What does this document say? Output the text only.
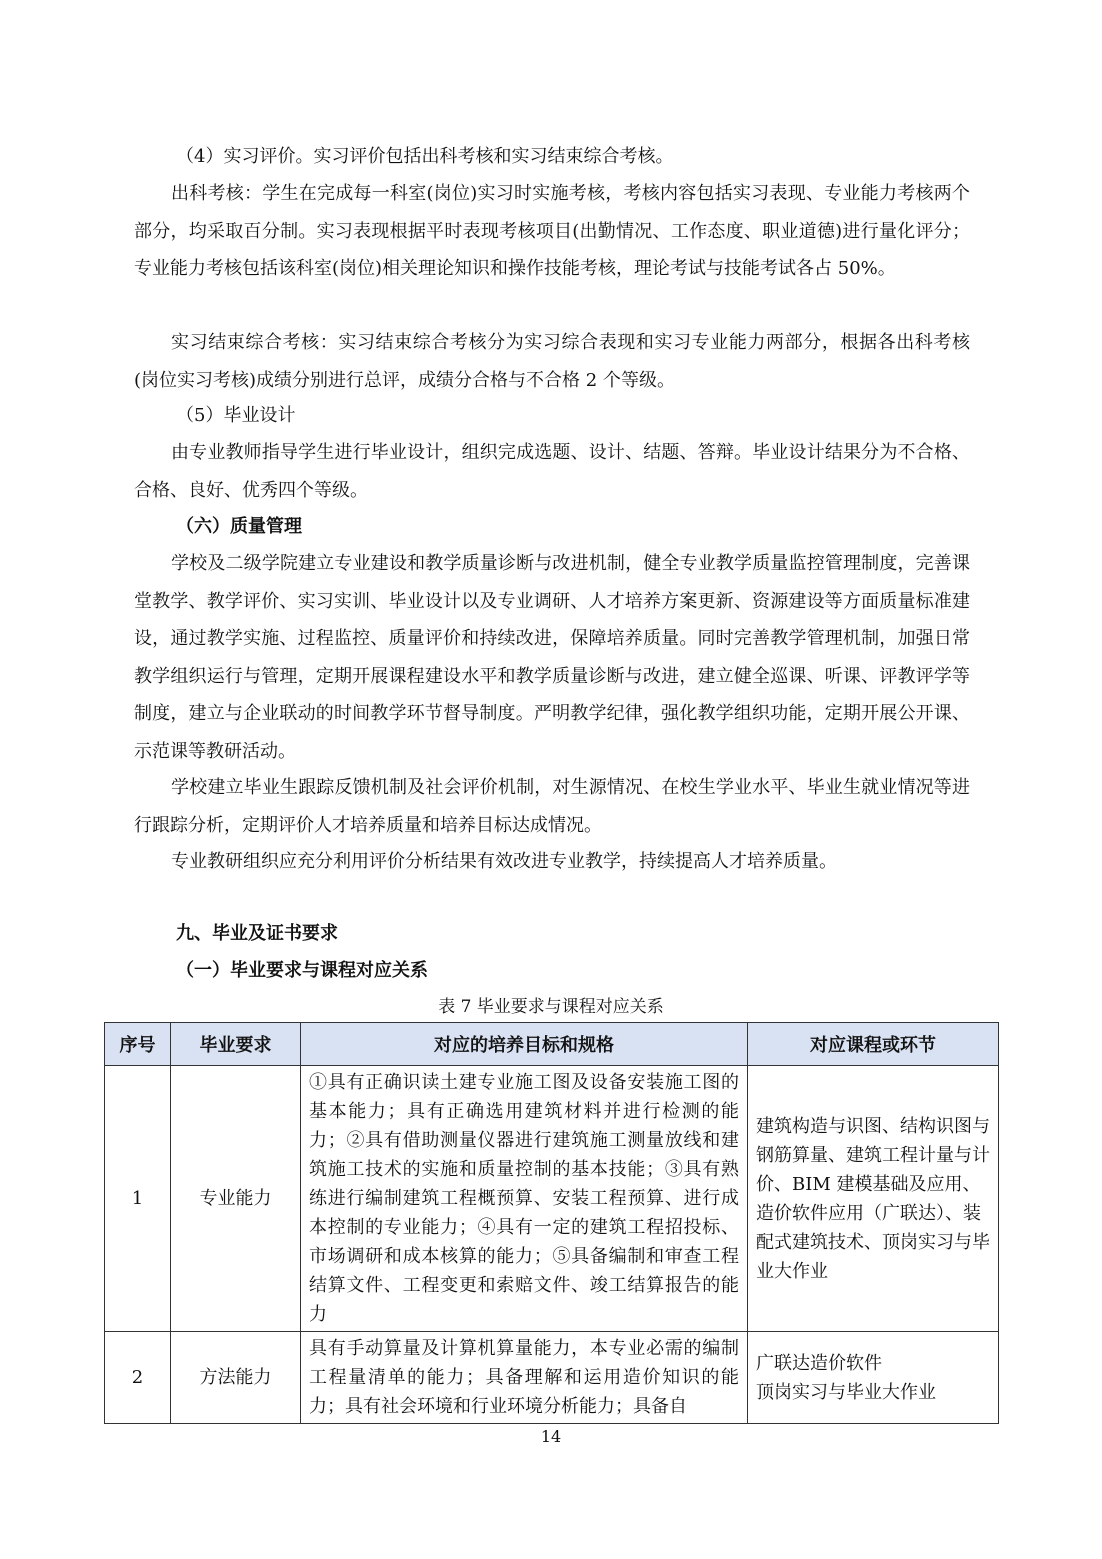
（4）实习评价。实习评价包括出科考核和实习结束综合考核。

出科考核：学生在完成每一科室(岗位)实习时实施考核，考核内容包括实习表现、专业能力考核两个部分，均采取百分制。实习表现根据平时表现考核项目(出勤情况、工作态度、职业道德)进行量化评分；专业能力考核包括该科室(岗位)相关理论知识和操作技能考核，理论考试与技能考试各占 50%。

实习结束综合考核：实习结束综合考核分为实习综合表现和实习专业能力两部分，根据各出科考核(岗位实习考核)成绩分别进行总评，成绩分合格与不合格 2 个等级。

（5）毕业设计

由专业教师指导学生进行毕业设计，组织完成选题、设计、结题、答辩。毕业设计结果分为不合格、合格、良好、优秀四个等级。

（六）质量管理

学校及二级学院建立专业建设和教学质量诊断与改进机制，健全专业教学质量监控管理制度，完善课堂教学、教学评价、实习实训、毕业设计以及专业调研、人才培养方案更新、资源建设等方面质量标准建设，通过教学实施、过程监控、质量评价和持续改进，保障培养质量。同时完善教学管理机制，加强日常教学组织运行与管理，定期开展课程建设水平和教学质量诊断与改进，建立健全巡课、听课、评教评学等制度，建立与企业联动的时间教学环节督导制度。严明教学纪律，强化教学组织功能，定期开展公开课、示范课等教研活动。

学校建立毕业生跟踪反馈机制及社会评价机制，对生源情况、在校生学业水平、毕业生就业情况等进行跟踪分析，定期评价人才培养质量和培养目标达成情况。

专业教研组织应充分利用评价分析结果有效改进专业教学，持续提高人才培养质量。

九、毕业及证书要求

（一）毕业要求与课程对应关系

表 7 毕业要求与课程对应关系
序号	毕业要求	对应的培养目标和规格	对应课程或环节
1	专业能力	①具有正确识读土建专业施工图及设备安装施工图的基本能力；具有正确选用建筑材料并进行检测的能力；②具有借助测量仪器进行建筑施工测量放线和建筑施工技术的实施和质量控制的基本技能；③具有熟练进行编制建筑工程概预算、安装工程预算、进行成本控制的专业能力；④具有一定的建筑工程招投标、市场调研和成本核算的能力；⑤具备编制和审查工程结算文件、工程变更和索赔文件、竣工结算报告的能力	建筑构造与识图、结构识图与钢筋算量、建筑工程计量与计价、BIM 建模基础及应用、造价软件应用（广联达）、装配式建筑技术、顶岗实习与毕业大作业
2	方法能力	具有手动算量及计算机算量能力，本专业必需的编制工程量清单的能力；具备理解和运用造价知识的能力；具有社会环境和行业环境分析能力；具备自	广联达造价软件
顶岗实习与毕业大作业
14
